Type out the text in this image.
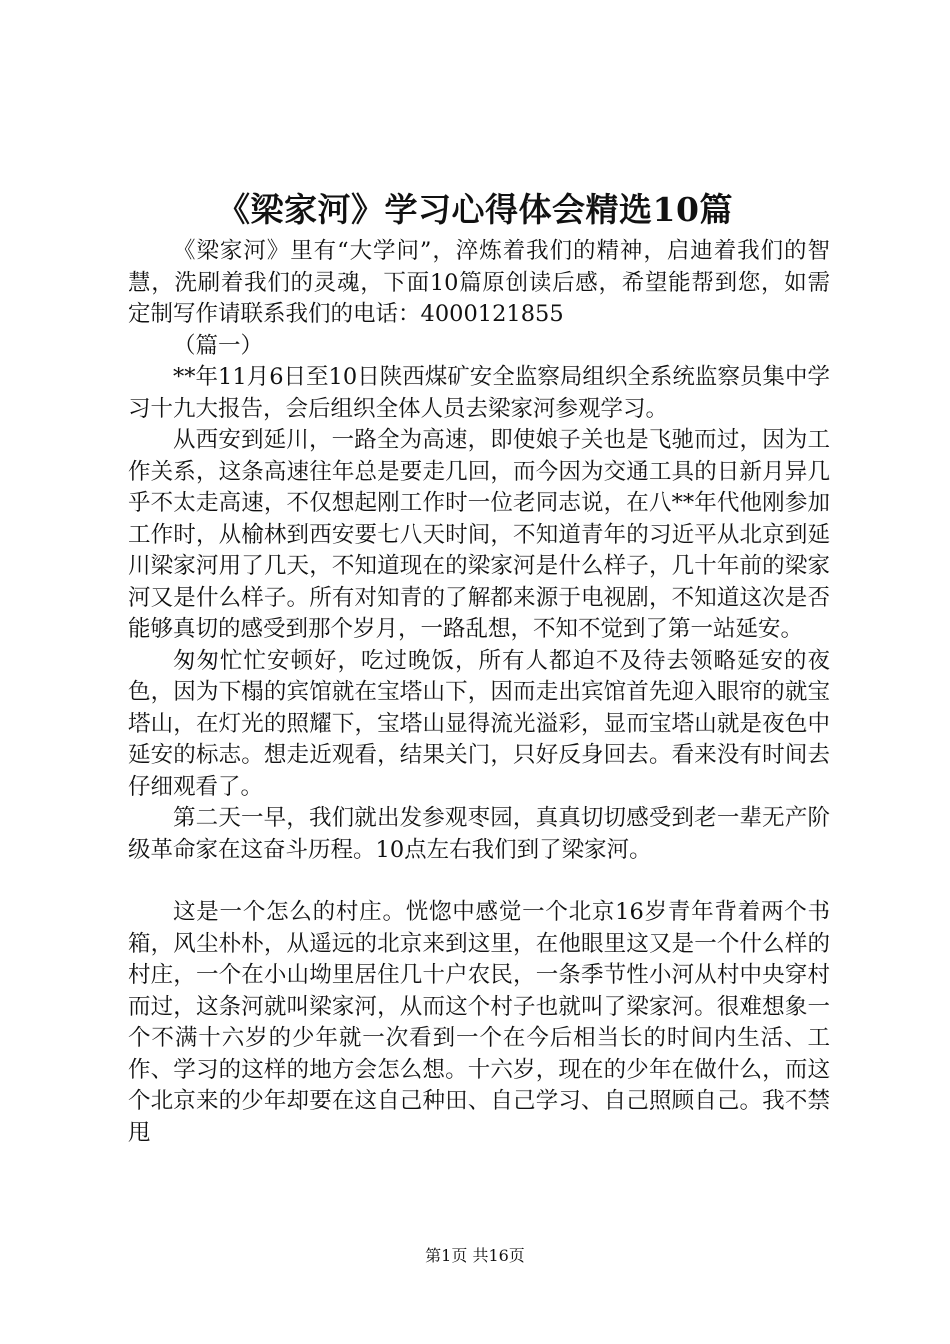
《梁家河》学习心得体会精选10篇

《梁家河》里有“大学问”，淬炼着我们的精神，启迪着我们的智慧，洗刷着我们的灵魂，下面10篇原创读后感，希望能帮到您，如需定制写作请联系我们的电话：4000121855

（篇一）

**年11月6日至10日陕西煤矿安全监察局组织全系统监察员集中学习十九大报告，会后组织全体人员去梁家河参观学习。

从西安到延川，一路全为高速，即使娘子关也是飞驰而过，因为工作关系，这条高速往年总是要走几回，而今因为交通工具的日新月异几乎不太走高速，不仅想起刚工作时一位老同志说，在八**年代他刚参加工作时，从榆林到西安要七八天时间，不知道青年的习近平从北京到延川梁家河用了几天，不知道现在的梁家河是什么样子，几十年前的梁家河又是什么样子。所有对知青的了解都来源于电视剧，不知道这次是否能够真切的感受到那个岁月，一路乱想，不知不觉到了第一站延安。

匆匆忙忙安顿好，吃过晚饭，所有人都迫不及待去领略延安的夜色，因为下榻的宾馆就在宝塔山下，因而走出宾馆首先迎入眼帘的就宝塔山，在灯光的照耀下，宝塔山显得流光溢彩，显而宝塔山就是夜色中延安的标志。想走近观看，结果关门，只好反身回去。看来没有时间去仔细观看了。

第二天一早，我们就出发参观枣园，真真切切感受到老一辈无产阶级革命家在这奋斗历程。10点左右我们到了梁家河。

这是一个怎么的村庄。恍惚中感觉一个北京16岁青年背着两个书箱，风尘朴朴，从遥远的北京来到这里，在他眼里这又是一个什么样的村庄，一个在小山坳里居住几十户农民，一条季节性小河从村中央穿村而过，这条河就叫梁家河，从而这个村子也就叫了梁家河。很难想象一个不满十六岁的少年就一次看到一个在今后相当长的时间内生活、工作、学习的这样的地方会怎么想。十六岁，现在的少年在做什么，而这个北京来的少年却要在这自己种田、自己学习、自己照顾自己。我不禁甩

第1页 共16页
